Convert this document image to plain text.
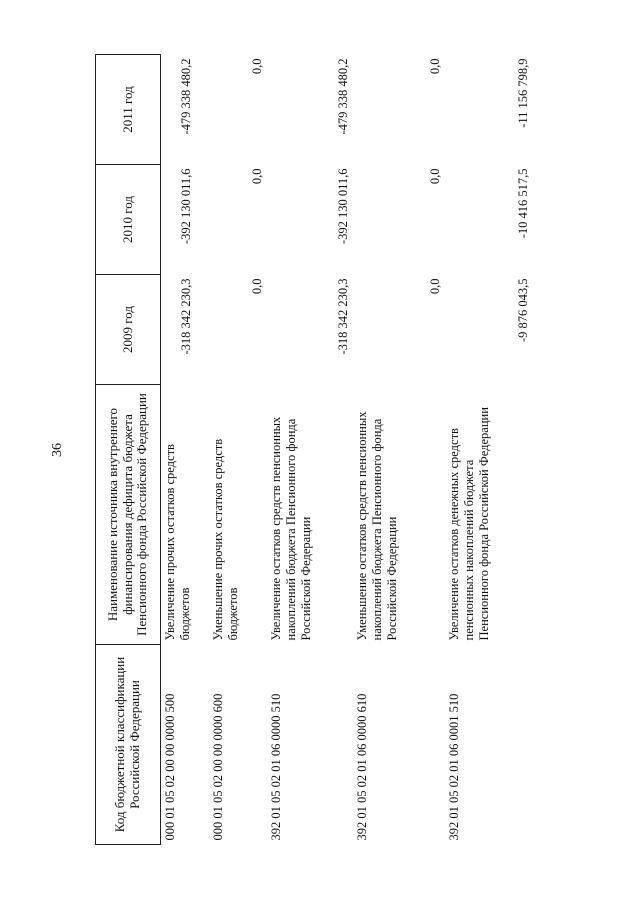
36
Код бюджетной классификации Российской Федерации	Наименование источника внутреннего финансирования дефицита бюджета Пенсионного фонда Российской Федерации	2009 год	2010 год	2011 год
000 01 05 02 00 00 0000 500	Увеличение прочих остатков средств бюджетов	-318 342 230,3	-392 130 011,6	-479 338 480,2
000 01 05 02 00 00 0000 600	Уменьшение прочих остатков средств бюджетов	0,0	0,0	0,0
392 01 05 02 01 06 0000 510	Увеличение остатков средств пенсионных накоплений бюджета Пенсионного фонда Российской Федерации	-318 342 230,3	-392 130 011,6	-479 338 480,2
392 01 05 02 01 06 0000 610	Уменьшение остатков средств пенсионных накоплений бюджета Пенсионного фонда Российской Федерации	0,0	0,0	0,0
392 01 05 02 01 06 0001 510	Увеличение остатков денежных средств пенсионных накоплений бюджета Пенсионного фонда Российской Федерации	-9 876 043,5	-10 416 517,5	-11 156 798,9
